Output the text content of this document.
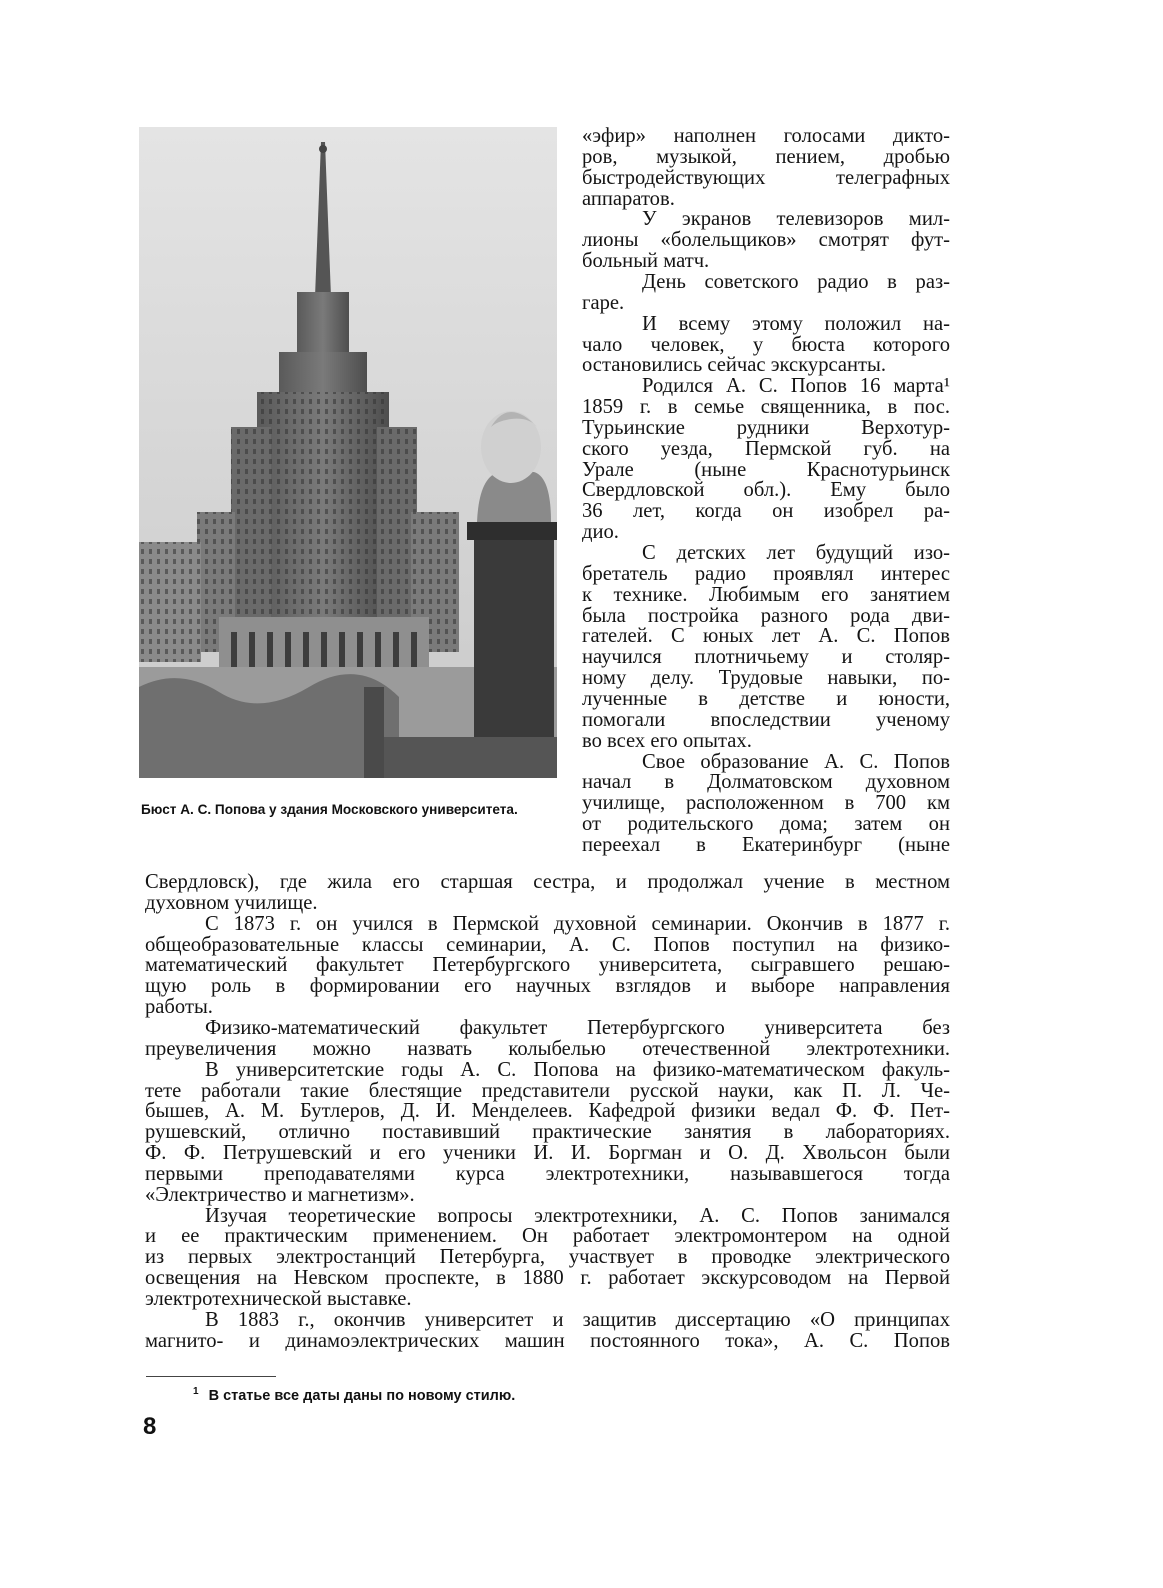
Бюст А. С. Попова у здания Московского университета.
«эфир» наполнен голосами дикто-
ров, музыкой, пением, дробью
быстродействующих телеграфных
аппаратов.
У экранов телевизоров мил-
лионы «болельщиков» смотрят фут-
больный матч.
День советского радио в раз-
гаре.
И всему этому положил на-
чало человек, у бюста которого
остановились сейчас экскурсанты.
Родился А. С. Попов 16 марта¹
1859 г. в семье священника, в пос.
Турьинские рудники Верхотур-
ского уезда, Пермской губ. на
Урале (ныне Краснотурьинск
Свердловской обл.). Ему было
36 лет, когда он изобрел ра-
дио.
С детских лет будущий изо-
бретатель радио проявлял интерес
к технике. Любимым его занятием
была постройка разного рода дви-
гателей. С юных лет А. С. Попов
научился плотничьему и столяр-
ному делу. Трудовые навыки, по-
лученные в детстве и юности,
помогали впоследствии ученому
во всех его опытах.
Свое образование А. С. Попов
начал в Долматовском духовном
училище, расположенном в 700 км
от родительского дома; затем он
переехал в Екатеринбург (ныне
Свердловск), где жила его старшая сестра, и продолжал учение в местном
духовном училище.
С 1873 г. он учился в Пермской духовной семинарии. Окончив в 1877 г.
общеобразовательные классы семинарии, А. С. Попов поступил на физико-
математический факультет Петербургского университета, сыгравшего решаю-
щую роль в формировании его научных взглядов и выборе направления
работы.
Физико-математический факультет Петербургского университета без
преувеличения можно назвать колыбелью отечественной электротехники.
В университетские годы А. С. Попова на физико-математическом факуль-
тете работали такие блестящие представители русской науки, как П. Л. Че-
бышев, А. М. Бутлеров, Д. И. Менделеев. Кафедрой физики ведал Ф. Ф. Пет-
рушевский, отлично поставивший практические занятия в лабораториях.
Ф. Ф. Петрушевский и его ученики И. И. Боргман и О. Д. Хвольсон были
первыми преподавателями курса электротехники, называвшегося тогда
«Электричество и магнетизм».
Изучая теоретические вопросы электротехники, А. С. Попов занимался
и ее практическим применением. Он работает электромонтером на одной
из первых электростанций Петербурга, участвует в проводке электрического
освещения на Невском проспекте, в 1880 г. работает экскурсоводом на Первой
электротехнической выставке.
В 1883 г., окончив университет и защитив диссертацию «О принципах
магнито- и динамоэлектрических машин постоянного тока», А. С. Попов
$^1$ В статье все даты даны по новому стилю.
8
